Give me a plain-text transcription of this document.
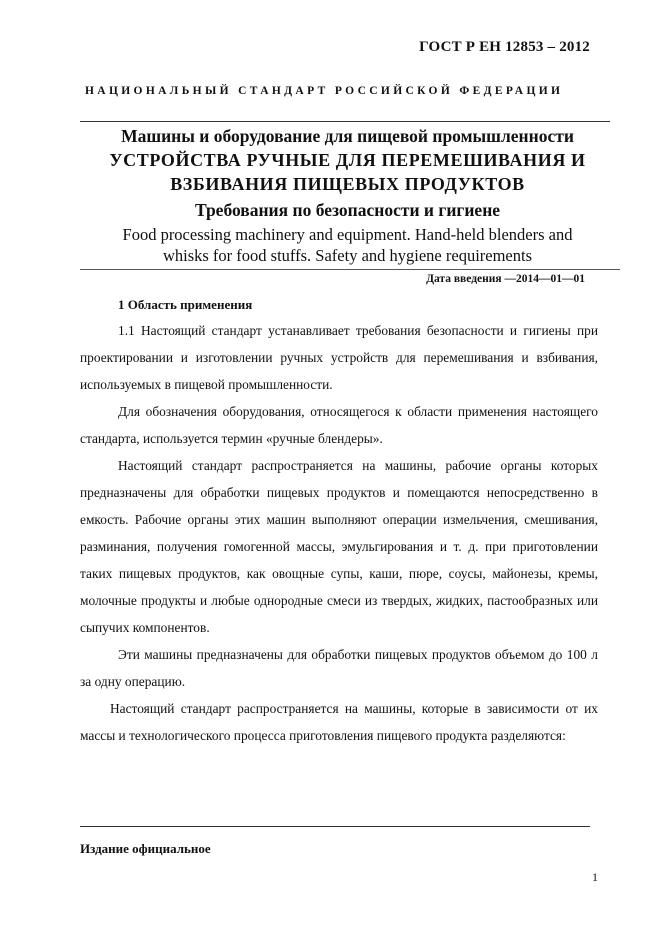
ГОСТ Р ЕН 12853 – 2012
НАЦИОНАЛЬНЫЙ СТАНДАРТ РОССИЙСКОЙ ФЕДЕРАЦИИ
Машины и оборудование для пищевой промышленности
УСТРОЙСТВА РУЧНЫЕ ДЛЯ ПЕРЕМЕШИВАНИЯ И
ВЗБИВАНИЯ ПИЩЕВЫХ ПРОДУКТОВ
Требования по безопасности и гигиене
Food processing machinery and equipment. Hand-held blenders and
whisks for food stuffs. Safety and hygiene requirements
Дата введения —2014—01—01
1 Область применения

1.1 Настоящий стандарт устанавливает требования безопасности и гигиены при проектировании и изготовлении ручных устройств для перемешивания и взбивания, используемых в пищевой промышленности.

Для обозначения оборудования, относящегося к области применения настоящего стандарта, используется термин «ручные блендеры».

Настоящий стандарт распространяется на машины, рабочие органы которых предназначены для обработки пищевых продуктов и помещаются непосредственно в емкость. Рабочие органы этих машин выполняют операции измельчения, смешивания, разминания, получения гомогенной массы, эмульгирования и т. д. при приготовлении таких пищевых продуктов, как овощные супы, каши, пюре, соусы, майонезы, кремы, молочные продукты и любые однородные смеси из твердых, жидких, пастообразных или сыпучих компонентов.

Эти машины предназначены для обработки пищевых продуктов объемом до 100 л за одну операцию.

Настоящий стандарт распространяется на машины, которые в зависимости от их массы и технологического процесса приготовления пищевого продукта разделяются:

Издание официальное
1
